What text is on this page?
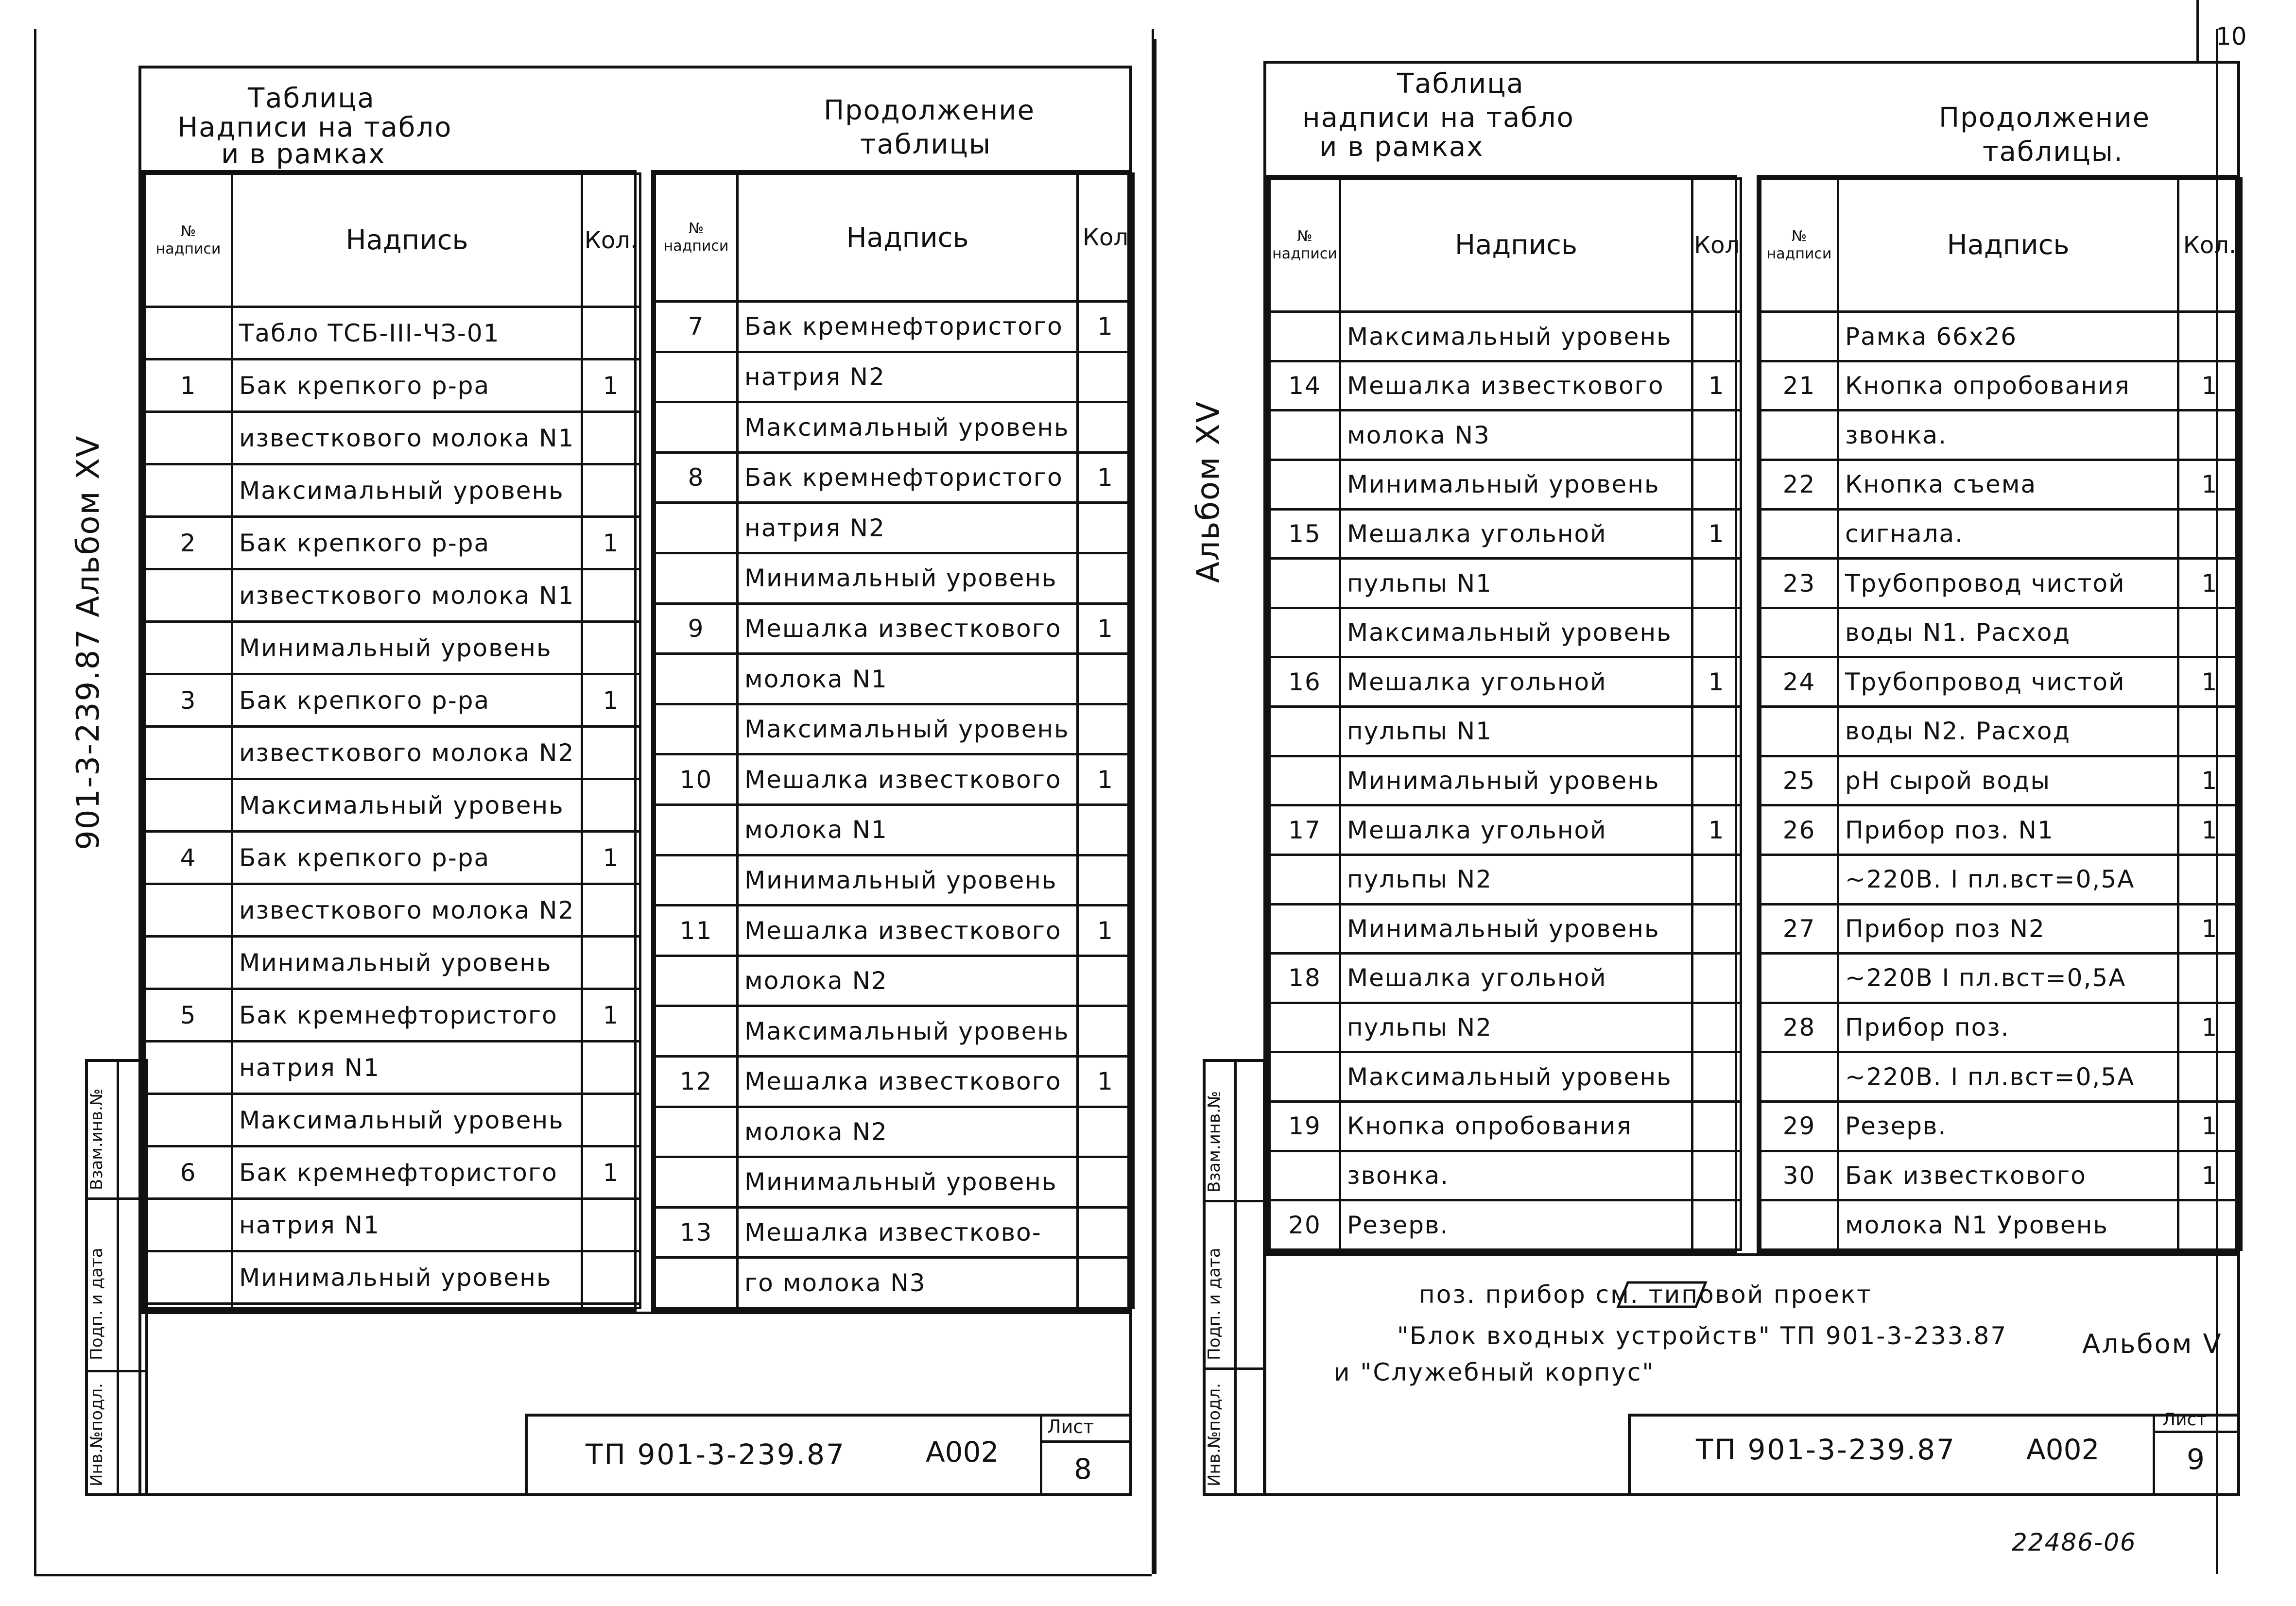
901-3-239.87 Альбом XV
Инв.№подл.
Подп. и дата
Взам.инв.№
Таблица
Надписи на табло
и в рамках
Продолжение
таблицы
№ надписи	Надпись	Кол.
	Табло ТСБ-III-ЧЗ-01	
1	Бак крепкого р-ра	1
	известкового молока N1	
	Максимальный уровень	
2	Бак крепкого р-ра	1
	известкового молока N1	
	Минимальный уровень	
3	Бак крепкого р-ра	1
	известкового молока N2	
	Максимальный уровень	
4	Бак крепкого р-ра	1
	известкового молока N2	
	Минимальный уровень	
5	Бак кремнефтористого	1
	натрия N1	
	Максимальный уровень	
6	Бак кремнефтористого	1
	натрия N1	
	Минимальный уровень	

№ надписи	Надпись	Кол
7	Бак кремнефтористого	1
	натрия N2	
	Максимальный уровень	
8	Бак кремнефтористого	1
	натрия N2	
	Минимальный уровень	
9	Мешалка известкового	1
	молока N1	
	Максимальный уровень	
10	Мешалка известкового	1
	молока N1	
	Минимальный уровень	
11	Мешалка известкового	1
	молока N2	
	Максимальный уровень	
12	Мешалка известкового	1
	молока N2	
	Минимальный уровень	
13	Мешалка известково-	
	го молока N3	
ТП 901-3-239.87	А002
Лист
8
10
Альбом XV
Инв.№подл.
Подп. и дата
Взам.инв.№
Таблица
надписи на табло
и в рамках
Продолжение
таблицы.
№ надписи	Надпись	Кол
	Максимальный уровень	
14	Мешалка известкового	1
	молока N3	
	Минимальный уровень	
15	Мешалка угольной	1
	пульпы N1	
	Максимальный уровень	
16	Мешалка угольной	1
	пульпы N1	
	Минимальный уровень	
17	Мешалка угольной	1
	пульпы N2	
	Минимальный уровень	
18	Мешалка угольной	
	пульпы N2	
	Максимальный уровень	
19	Кнопка опробования	
	звонка.	
20	Резерв.	
№ надписи	Надпись	Кол.
	Рамка 66х26	
21	Кнопка опробования	1
	звонка.	
22	Кнопка съема	1
	сигнала.	
23	Трубопровод чистой	1
	воды N1. Расход	
24	Трубопровод чистой	1
	воды N2. Расход	
25	pH сырой воды	1
26	Прибор поз. N1	1
	~220В. I пл.вст=0,5А	
27	Прибор поз N2	1
	~220В I пл.вст=0,5А	
28	Прибор поз.	1
	~220В. I пл.вст=0,5А	
29	Резерв.	1
30	Бак известкового	1
	молока N1 Уровень	
поз. прибор см. типовой проект
"Блок входных устройств" ТП 901-3-233.87	Альбом V
и "Служебный корпус"
ТП 901-3-239.87	А002
Лист
9
22486-06
